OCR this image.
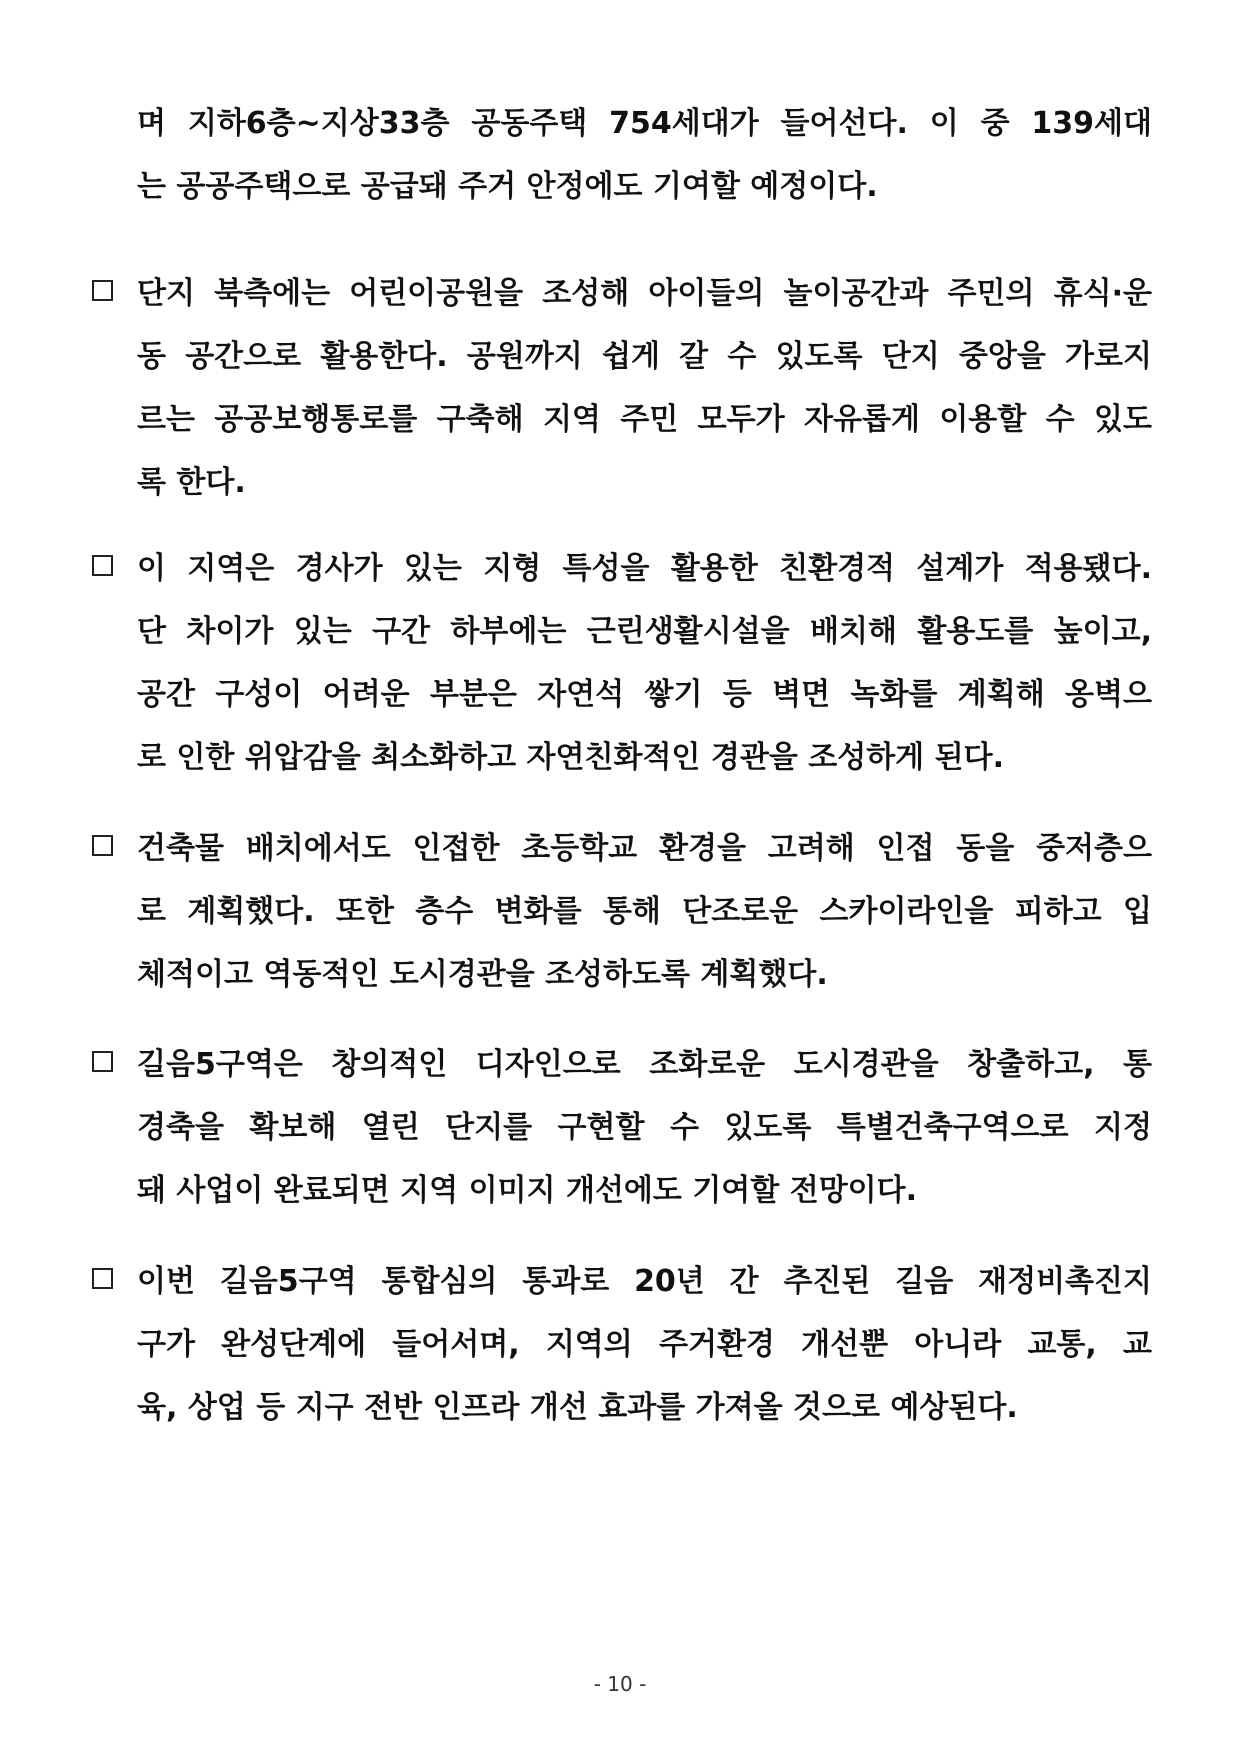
며 지하6층~지상33층 공동주택 754세대가 들어선다. 이 중 139세대
는 공공주택으로 공급돼 주거 안정에도 기여할 예정이다.
단지 북측에는 어린이공원을 조성해 아이들의 놀이공간과 주민의 휴식·운
동 공간으로 활용한다. 공원까지 쉽게 갈 수 있도록 단지 중앙을 가로지
르는 공공보행통로를 구축해 지역 주민 모두가 자유롭게 이용할 수 있도
록 한다.
이 지역은 경사가 있는 지형 특성을 활용한 친환경적 설계가 적용됐다.
단 차이가 있는 구간 하부에는 근린생활시설을 배치해 활용도를 높이고,
공간 구성이 어려운 부분은 자연석 쌓기 등 벽면 녹화를 계획해 옹벽으
로 인한 위압감을 최소화하고 자연친화적인 경관을 조성하게 된다.
건축물 배치에서도 인접한 초등학교 환경을 고려해 인접 동을 중저층으
로 계획했다. 또한 층수 변화를 통해 단조로운 스카이라인을 피하고 입
체적이고 역동적인 도시경관을 조성하도록 계획했다.
길음5구역은 창의적인 디자인으로 조화로운 도시경관을 창출하고, 통
경축을 확보해 열린 단지를 구현할 수 있도록 특별건축구역으로 지정
돼 사업이 완료되면 지역 이미지 개선에도 기여할 전망이다.
이번 길음5구역 통합심의 통과로 20년 간 추진된 길음 재정비촉진지
구가 완성단계에 들어서며, 지역의 주거환경 개선뿐 아니라 교통, 교
육, 상업 등 지구 전반 인프라 개선 효과를 가져올 것으로 예상된다.
- 10 -
